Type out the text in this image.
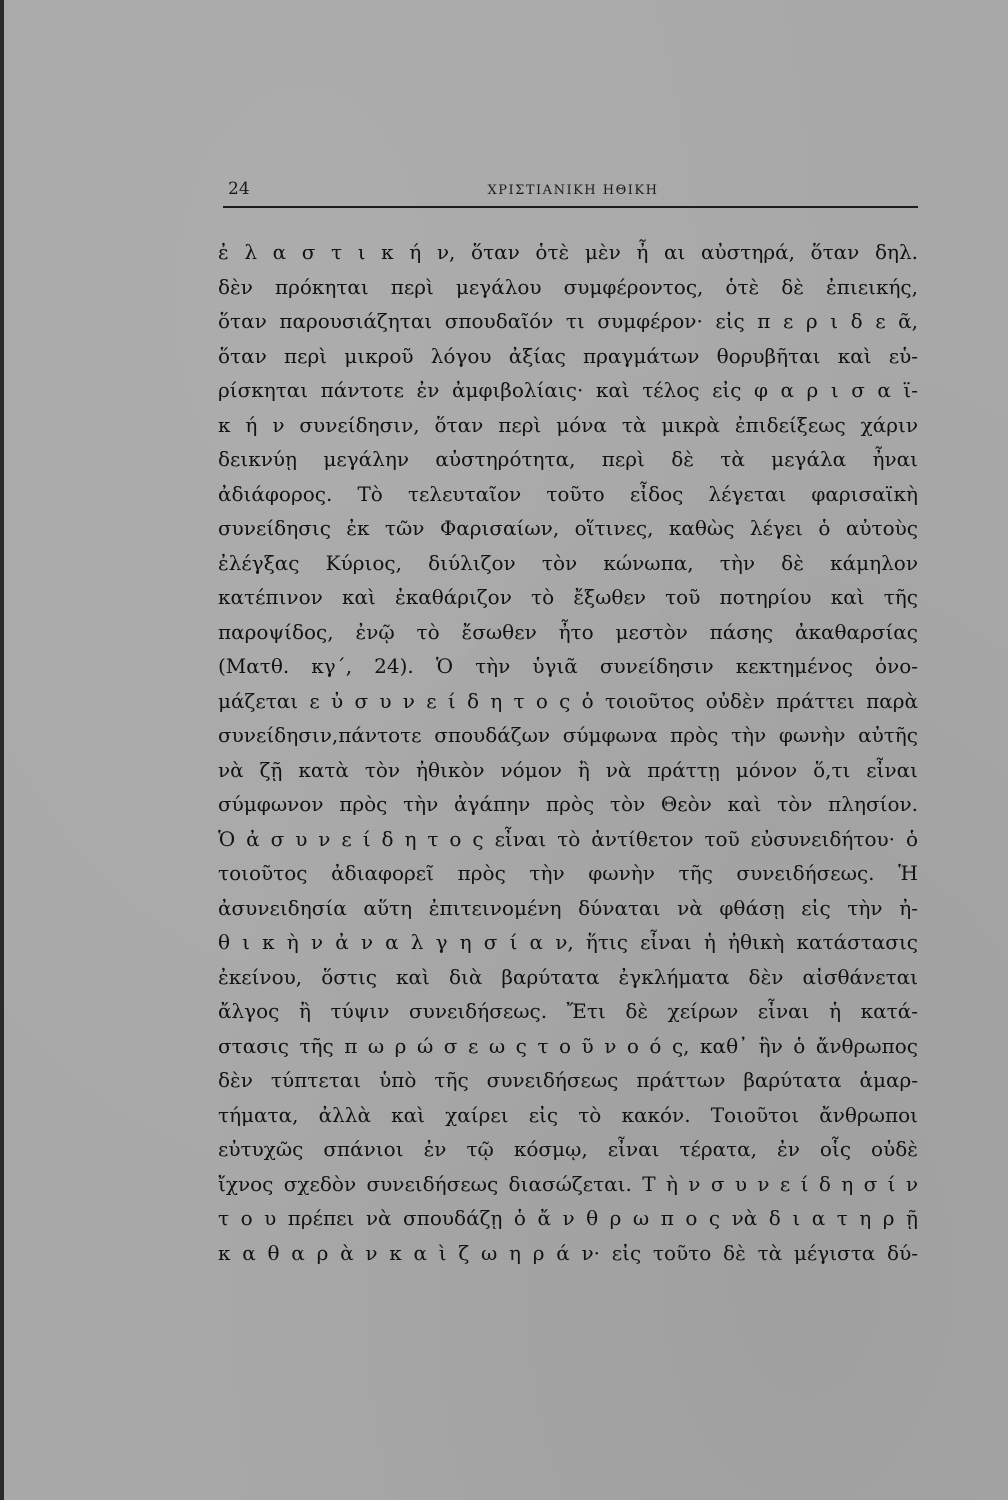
24	ΧΡΙΣΤΙΑΝΙΚΗ ΗΘΙΚΗ
ἐ λ α σ τ ι κ ή ν, ὅταν ὁτὲ μὲν ἦ αι αὐστηρά, ὅταν δηλ.
δὲν πρόκηται περὶ μεγάλου συμφέροντος, ὁτὲ δὲ ἐπιεικής,
ὅταν παρουσιάζηται σπουδαῖόν τι συμφέρον· εἰς π ε ρ ι δ ε ᾶ,
ὅταν περὶ μικροῦ λόγου ἀξίας πραγμάτων θορυβῆται καὶ εὑ-
ρίσκηται πάντοτε ἐν ἀμφιβολίαις· καὶ τέλος εἰς φ α ρ ι σ α ϊ-
κ ή ν συνείδησιν, ὅταν περὶ μόνα τὰ μικρὰ ἐπιδείξεως χάριν
δεικνύῃ μεγάλην αὐστηρότητα, περὶ δὲ τὰ μεγάλα ἦναι
ἀδιάφορος. Τὸ τελευταῖον τοῦτο εἶδος λέγεται φαρισαϊκὴ
συνείδησις ἐκ τῶν Φαρισαίων, οἵτινες, καθὼς λέγει ὁ αὐτοὺς
ἐλέγξας Κύριος, διύλιζον τὸν κώνωπα, τὴν δὲ κάμηλον
κατέπινον καὶ ἐκαθάριζον τὸ ἔξωθεν τοῦ ποτηρίου καὶ τῆς
παροψίδος, ἐνῷ τὸ ἔσωθεν ἦτο μεστὸν πάσης ἀκαθαρσίας
(Ματθ. κγ΄, 24). Ὁ τὴν ὑγιᾶ συνείδησιν κεκτημένος ὀνο-
μάζεται ε ὐ σ υ ν ε ί δ η τ ο ς ὁ τοιοῦτος οὐδὲν πράττει παρὰ
συνείδησιν,πάντοτε σπουδάζων σύμφωνα πρὸς τὴν φωνὴν αὐτῆς
νὰ ζῇ κατὰ τὸν ἠθικὸν νόμον ἢ νὰ πράττῃ μόνον ὅ,τι εἶναι
σύμφωνον πρὸς τὴν ἀγάπην πρὸς τὸν Θεὸν καὶ τὸν πλησίον.
Ὁ ἀ σ υ ν ε ί δ η τ ο ς εἶναι τὸ ἀντίθετον τοῦ εὐσυνειδήτου· ὁ
τοιοῦτος ἀδιαφορεῖ πρὸς τὴν φωνὴν τῆς συνειδήσεως. Ἡ
ἀσυνειδησία αὕτη ἐπιτεινομένη δύναται νὰ φθάσῃ εἰς τὴν ἠ-
θ ι κ ὴ ν ἀ ν α λ γ η σ ί α ν, ἥτις εἶναι ἡ ἠθικὴ κατάστασις
ἐκείνου, ὅστις καὶ διὰ βαρύτατα ἐγκλήματα δὲν αἰσθάνεται
ἄλγος ἢ τύψιν συνειδήσεως. Ἔτι δὲ χείρων εἶναι ἡ κατά-
στασις τῆς π ω ρ ώ σ ε ω ς τ ο ῦ ν ο ό ς, καθ᾽ ἣν ὁ ἄνθρωπος
δὲν τύπτεται ὑπὸ τῆς συνειδήσεως πράττων βαρύτατα ἁμαρ-
τήματα, ἀλλὰ καὶ χαίρει εἰς τὸ κακόν. Τοιοῦτοι ἄνθρωποι
εὐτυχῶς σπάνιοι ἐν τῷ κόσμῳ, εἶναι τέρατα, ἐν οἷς οὐδὲ
ἴχνος σχεδὸν συνειδήσεως διασώζεται. Τ ὴ ν σ υ ν ε ί δ η σ ί ν
τ ο υ πρέπει νὰ σπουδάζῃ ὁ ἄ ν θ ρ ω π ο ς νὰ δ ι α τ η ρ ῇ
κ α θ α ρ ὰ ν κ α ὶ ζ ω η ρ ά ν· εἰς τοῦτο δὲ τὰ μέγιστα δύ-
